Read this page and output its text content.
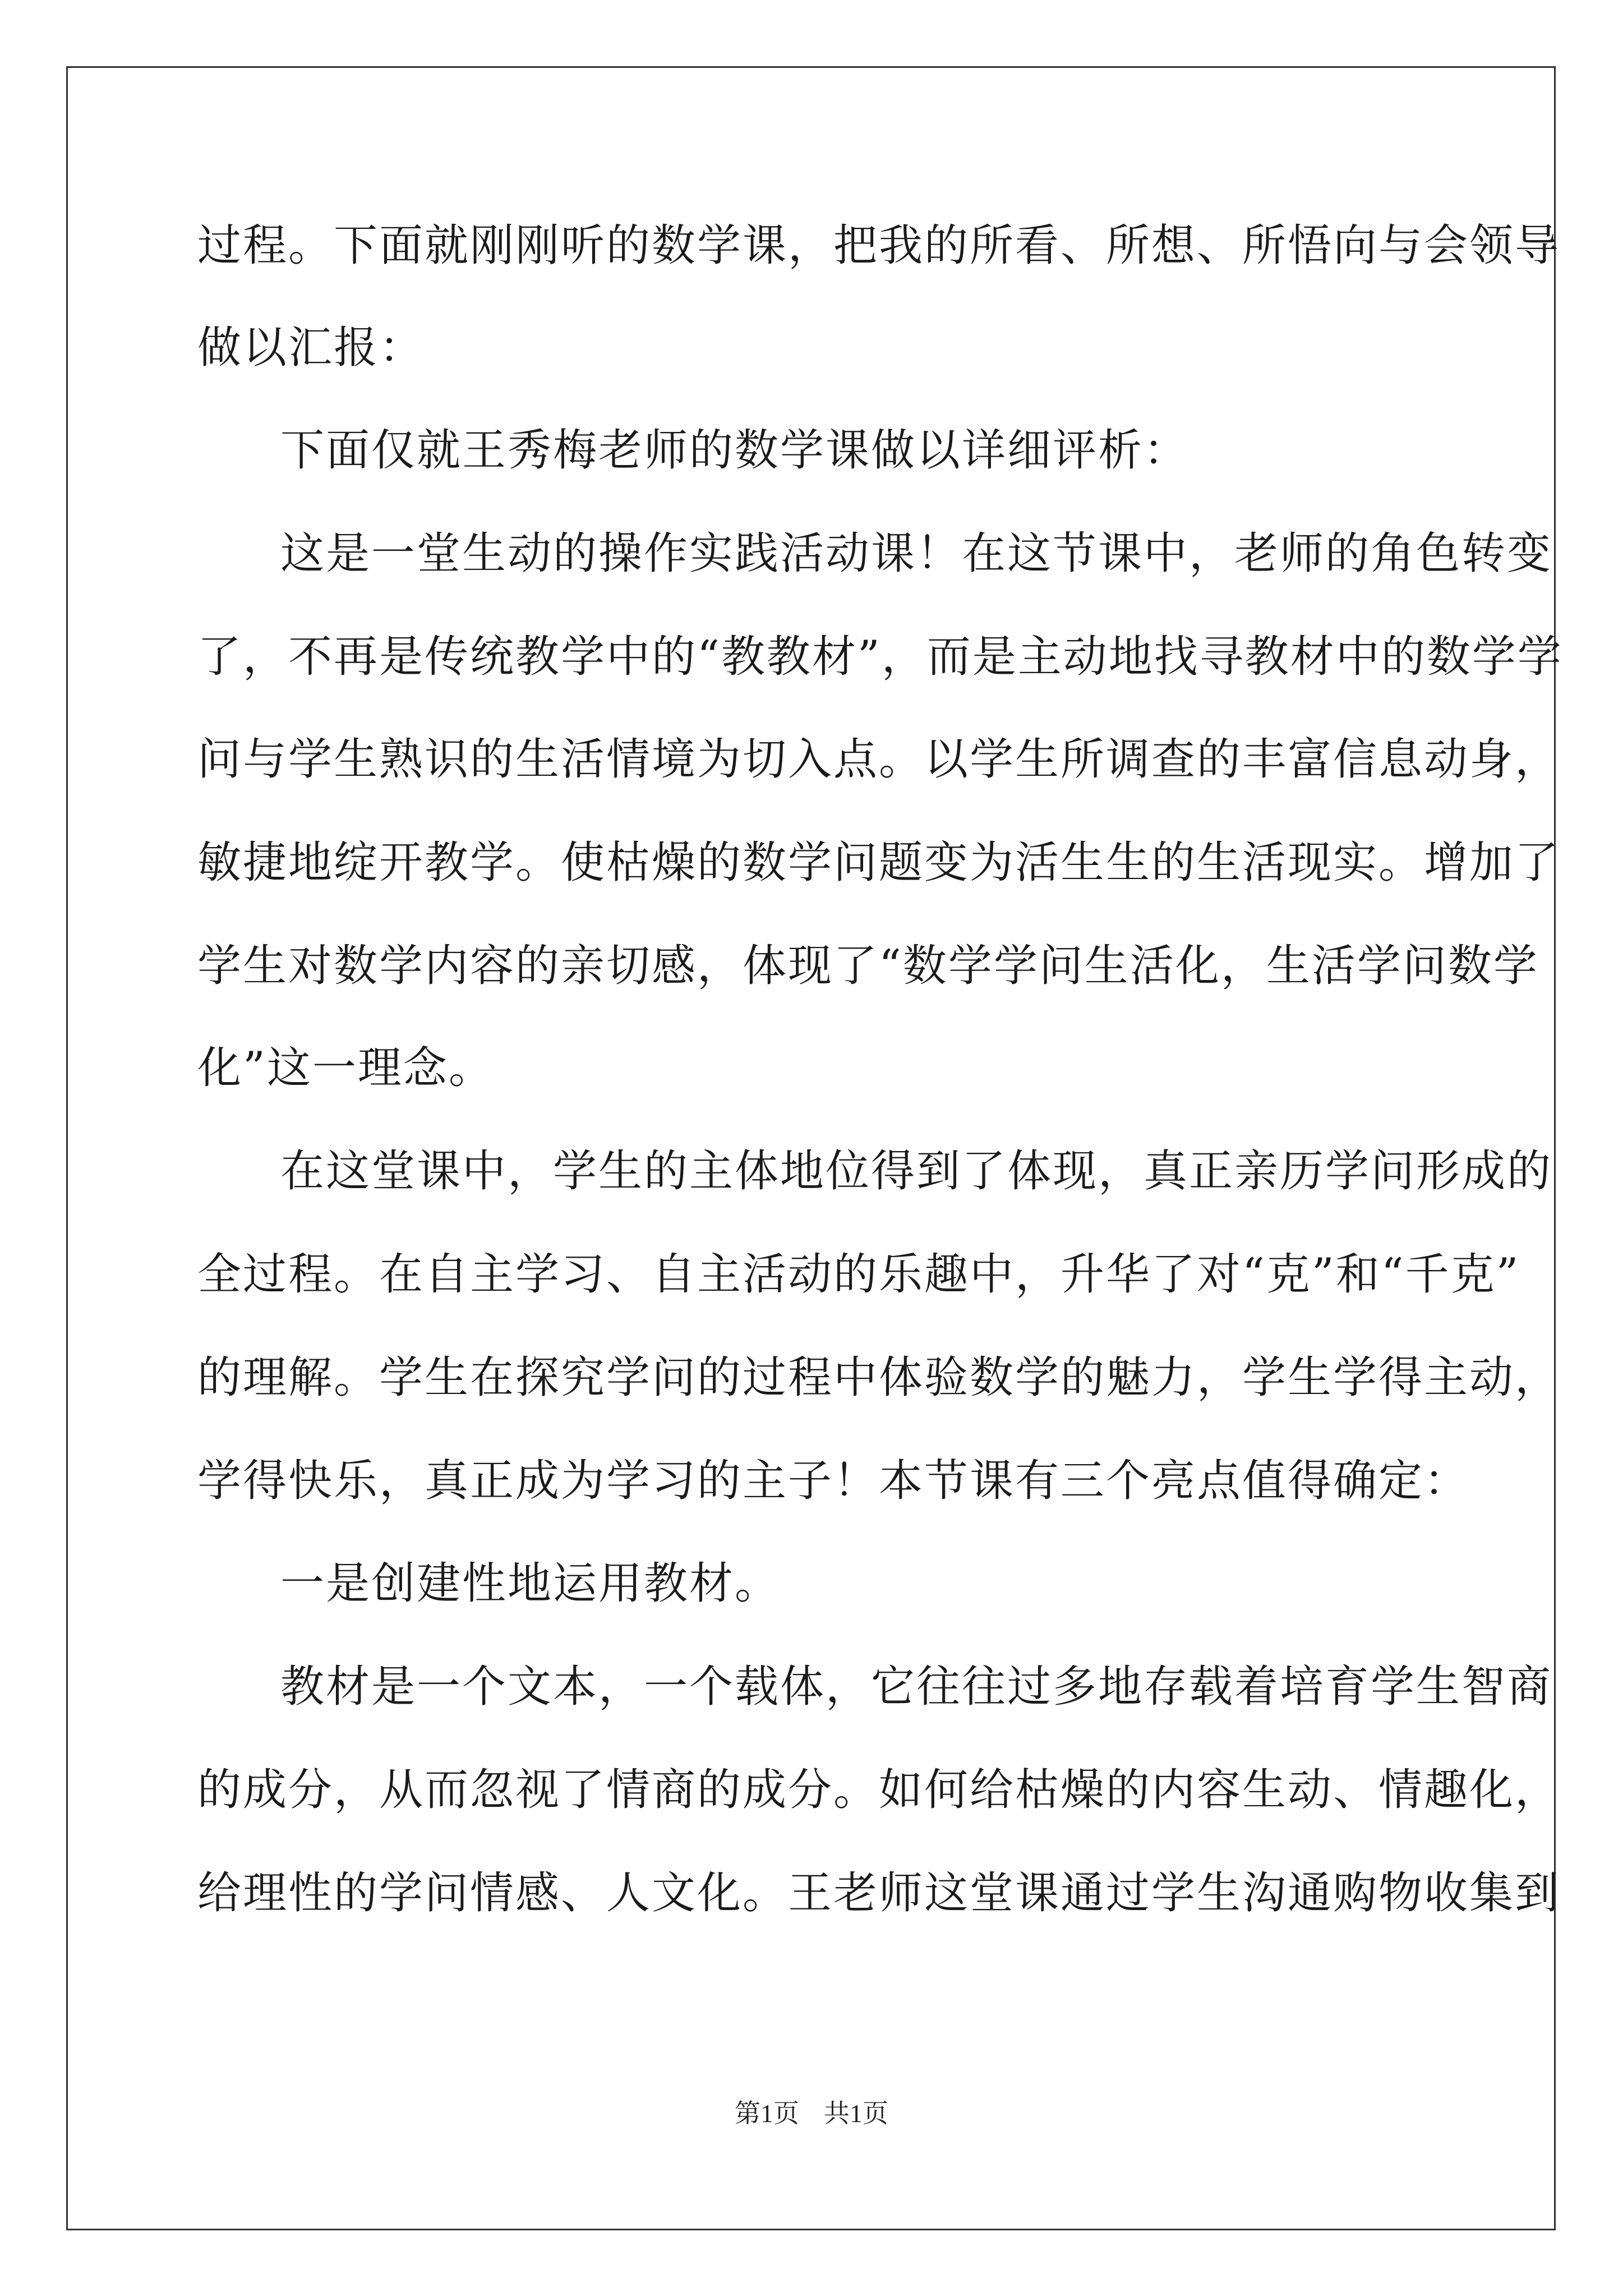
过程。下面就刚刚听的数学课，把我的所看、所想、所悟向与会领导
做以汇报：
下面仅就王秀梅老师的数学课做以详细评析：
这是一堂生动的操作实践活动课！在这节课中，老师的角色转变
了，不再是传统教学中的“教教材”，而是主动地找寻教材中的数学学
问与学生熟识的生活情境为切入点。以学生所调查的丰富信息动身，
敏捷地绽开教学。使枯燥的数学问题变为活生生的生活现实。增加了
学生对数学内容的亲切感，体现了“数学学问生活化，生活学问数学
化”这一理念。
在这堂课中，学生的主体地位得到了体现，真正亲历学问形成的
全过程。在自主学习、自主活动的乐趣中，升华了对“克”和“千克”
的理解。学生在探究学问的过程中体验数学的魅力，学生学得主动，
学得快乐，真正成为学习的主子！本节课有三个亮点值得确定：
一是创建性地运用教材。
教材是一个文本，一个载体，它往往过多地存载着培育学生智商
的成分，从而忽视了情商的成分。如何给枯燥的内容生动、情趣化，
给理性的学问情感、人文化。王老师这堂课通过学生沟通购物收集到
第1页 共1页
